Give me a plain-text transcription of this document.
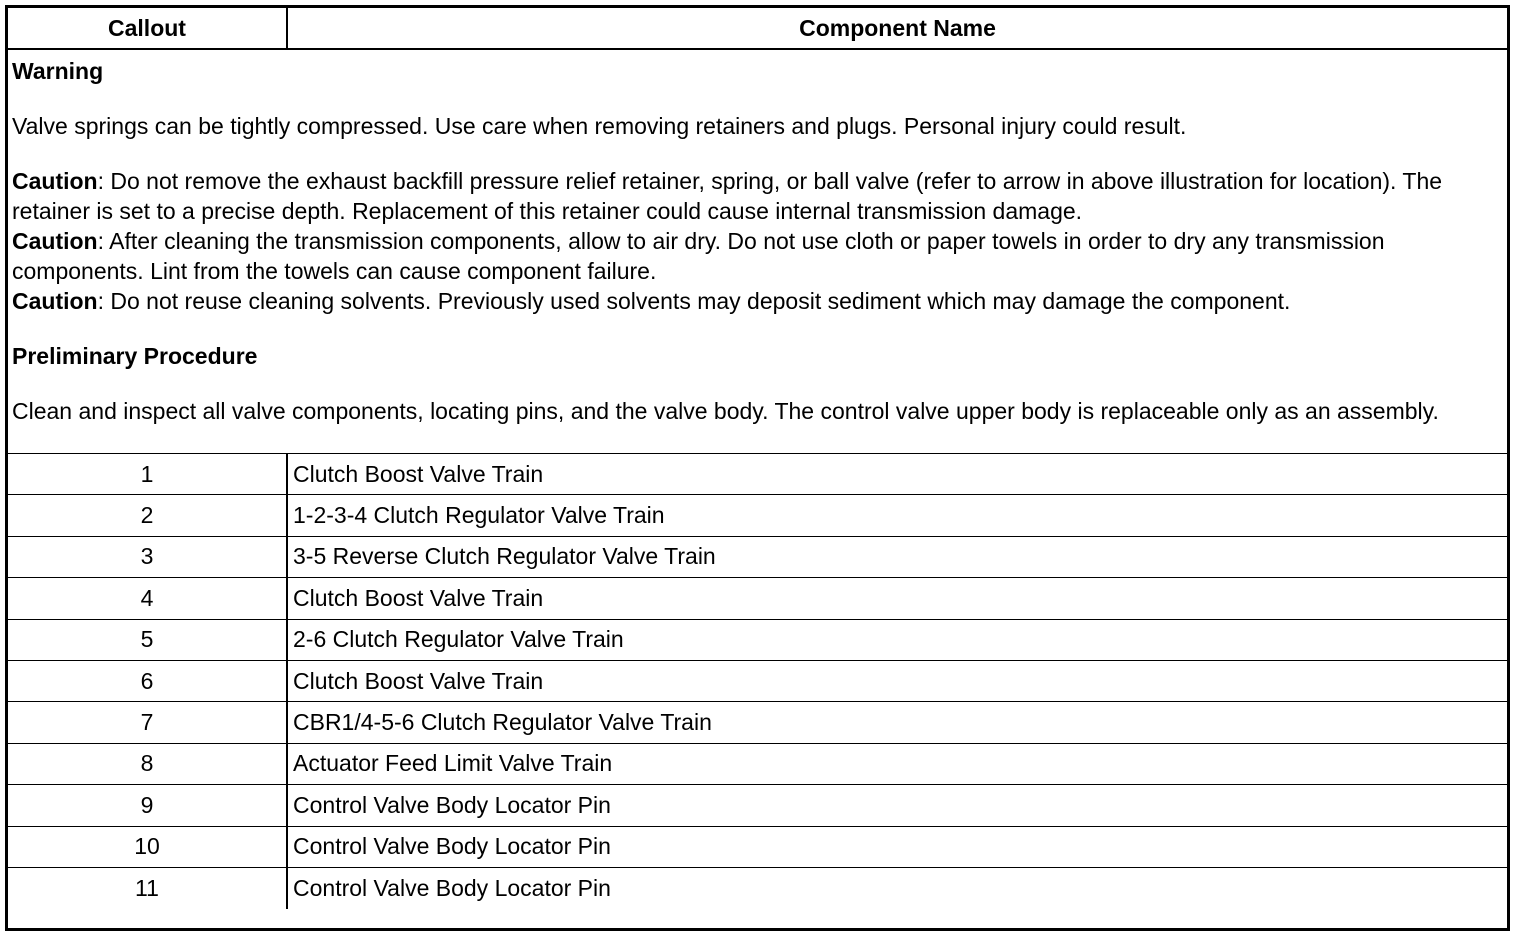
Callout	Component Name
Warning
Valve springs can be tightly compressed. Use care when removing retainers and plugs. Personal injury could result.
Caution: Do not remove the exhaust backfill pressure relief retainer, spring, or ball valve (refer to arrow in above illustration for location). The retainer is set to a precise depth. Replacement of this retainer could cause internal transmission damage.
Caution: After cleaning the transmission components, allow to air dry. Do not use cloth or paper towels in order to dry any transmission components. Lint from the towels can cause component failure.
Caution: Do not reuse cleaning solvents. Previously used solvents may deposit sediment which may damage the component.
Preliminary Procedure
Clean and inspect all valve components, locating pins, and the valve body. The control valve upper body is replaceable only as an assembly.
1	Clutch Boost Valve Train
2	1-2-3-4 Clutch Regulator Valve Train
3	3-5 Reverse Clutch Regulator Valve Train
4	Clutch Boost Valve Train
5	2-6 Clutch Regulator Valve Train
6	Clutch Boost Valve Train
7	CBR1/4-5-6 Clutch Regulator Valve Train
8	Actuator Feed Limit Valve Train
9	Control Valve Body Locator Pin
10	Control Valve Body Locator Pin
11	Control Valve Body Locator Pin
